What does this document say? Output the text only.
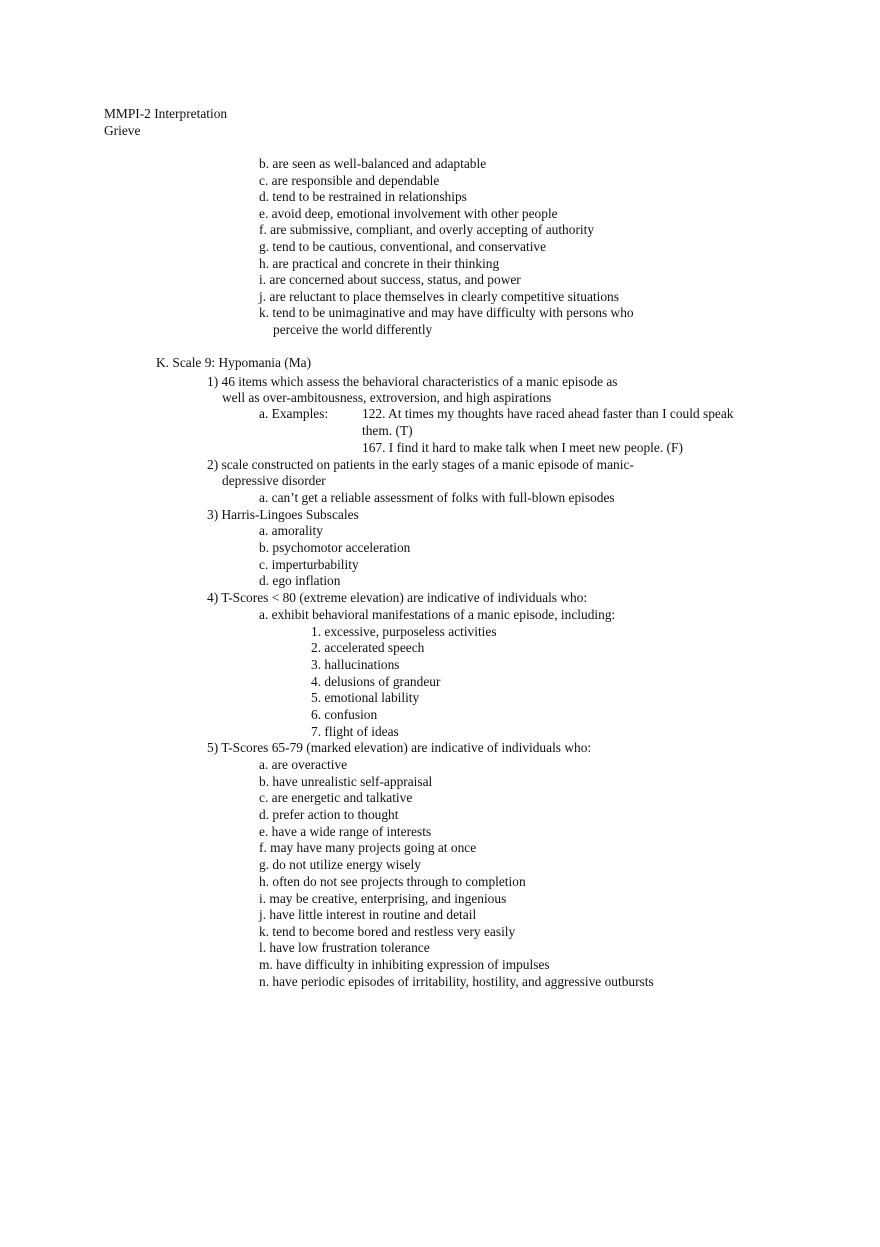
MMPI-2 Interpretation
Grieve
b. are seen as well-balanced and adaptable
c. are responsible and dependable
d. tend to be restrained in relationships
e. avoid deep, emotional involvement with other people
f. are submissive, compliant, and overly accepting of authority
g. tend to be cautious, conventional, and conservative
h. are practical and concrete in their thinking
i. are concerned about success, status, and power
j. are reluctant to place themselves in clearly competitive situations
k. tend to be unimaginative and may have difficulty with persons who
perceive the world differently
K. Scale 9: Hypomania (Ma)
1) 46 items which assess the behavioral characteristics of a manic episode as
well as over-ambitousness, extroversion, and high aspirations
a. Examples:	122. At times my thoughts have raced ahead faster than I could speak
them. (T)
167. I find it hard to make talk when I meet new people. (F)
2) scale constructed on patients in the early stages of a manic episode of manic-
depressive disorder
a. can’t get a reliable assessment of folks with full-blown episodes
3) Harris-Lingoes Subscales
a. amorality
b. psychomotor acceleration
c. imperturbability
d. ego inflation
4) T-Scores < 80 (extreme elevation) are indicative of individuals who:
a. exhibit behavioral manifestations of a manic episode, including:
1. excessive, purposeless activities
2. accelerated speech
3. hallucinations
4. delusions of grandeur
5. emotional lability
6. confusion
7. flight of ideas
5) T-Scores 65-79 (marked elevation) are indicative of individuals who:
a. are overactive
b. have unrealistic self-appraisal
c. are energetic and talkative
d. prefer action to thought
e. have a wide range of interests
f. may have many projects going at once
g. do not utilize energy wisely
h. often do not see projects through to completion
i. may be creative, enterprising, and ingenious
j. have little interest in routine and detail
k. tend to become bored and restless very easily
l. have low frustration tolerance
m. have difficulty in inhibiting expression of impulses
n. have periodic episodes of irritability, hostility, and aggressive outbursts
